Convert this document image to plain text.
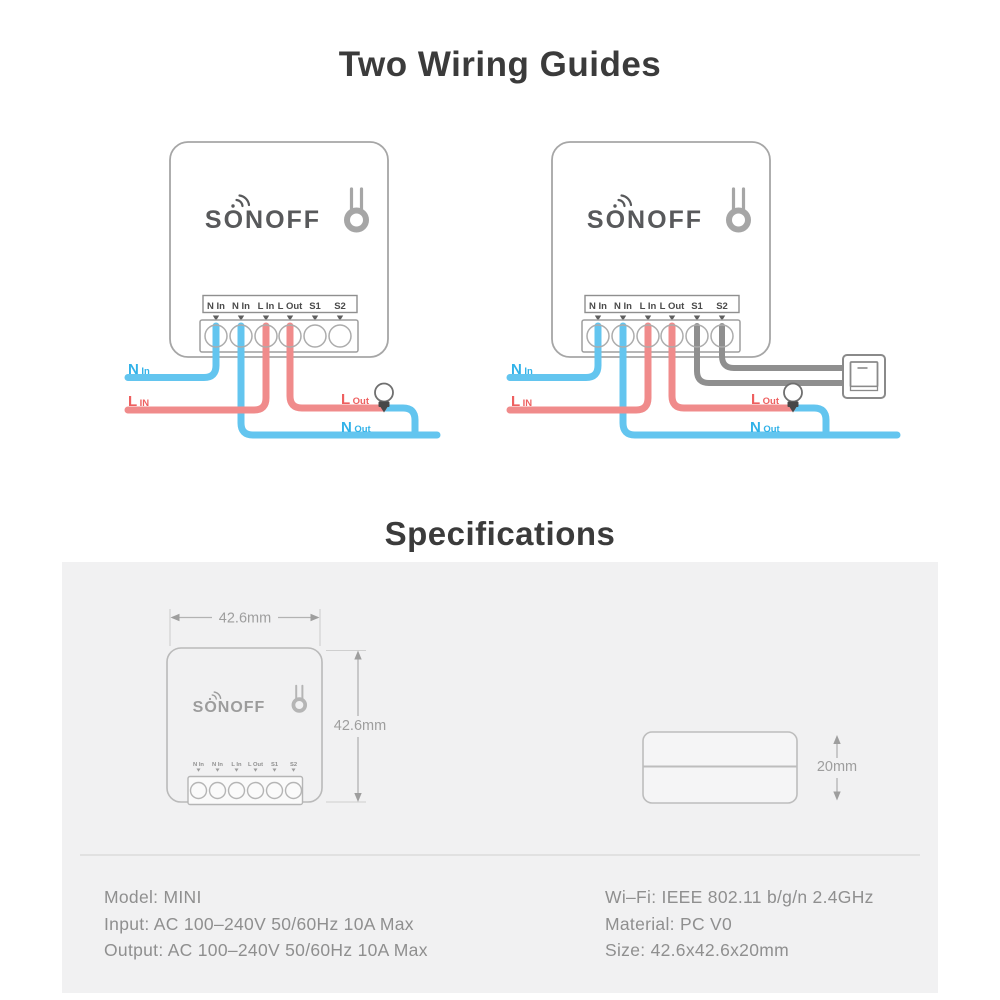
Model: MINI
Input: AC 100–240V 50/60Hz 10A Max
Output: AC 100–240V 50/60Hz 10A Max
Wi–Fi: IEEE 802.11 b/g/n 2.4GHz
Material: PC V0
Size: 42.6x42.6x20mm
SONOFF
N In N In L In L Out S1 S2
N In
LIN	L Out
N Out
SONOFF
N In N In L In L Out S1 S2
N In
LIN	L Out
N Out
SONOFF
N In N In L In L Out S1 S2
42.6mm
42.6mm
20mm
Two Wiring Guides
Specifications
